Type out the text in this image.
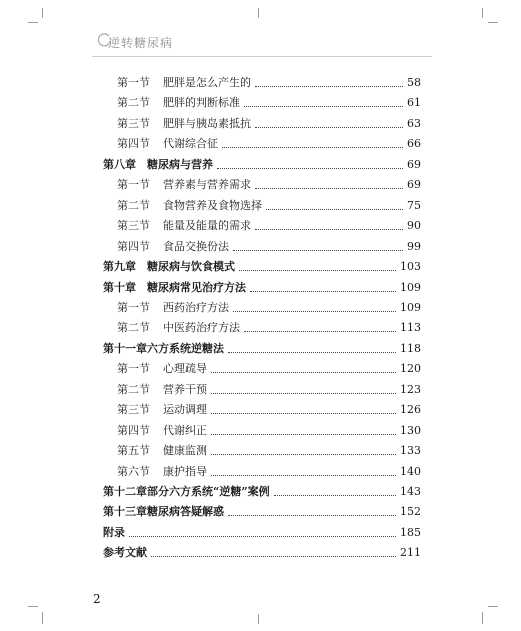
逆转糖尿病
第一节 肥胖是怎么产生的	58
第二节 肥胖的判断标准	61
第三节 肥胖与胰岛素抵抗	63
第四节 代谢综合征	66
第八章 糖尿病与营养	69
第一节 营养素与营养需求	69
第二节 食物营养及食物选择	75
第三节 能量及能量的需求	90
第四节 食品交换份法	99
第九章 糖尿病与饮食模式	103
第十章 糖尿病常见治疗方法	109
第一节 西药治疗方法	109
第二节 中医药治疗方法	113
第十一章六方系统逆糖法	118
第一节 心理疏导	120
第二节 营养干预	123
第三节 运动调理	126
第四节 代谢纠正	130
第五节 健康监测	133
第六节 康护指导	140
第十二章部分六方系统“逆糖”案例	143
第十三章糖尿病答疑解惑	152
附录	185
参考文献	211
2
